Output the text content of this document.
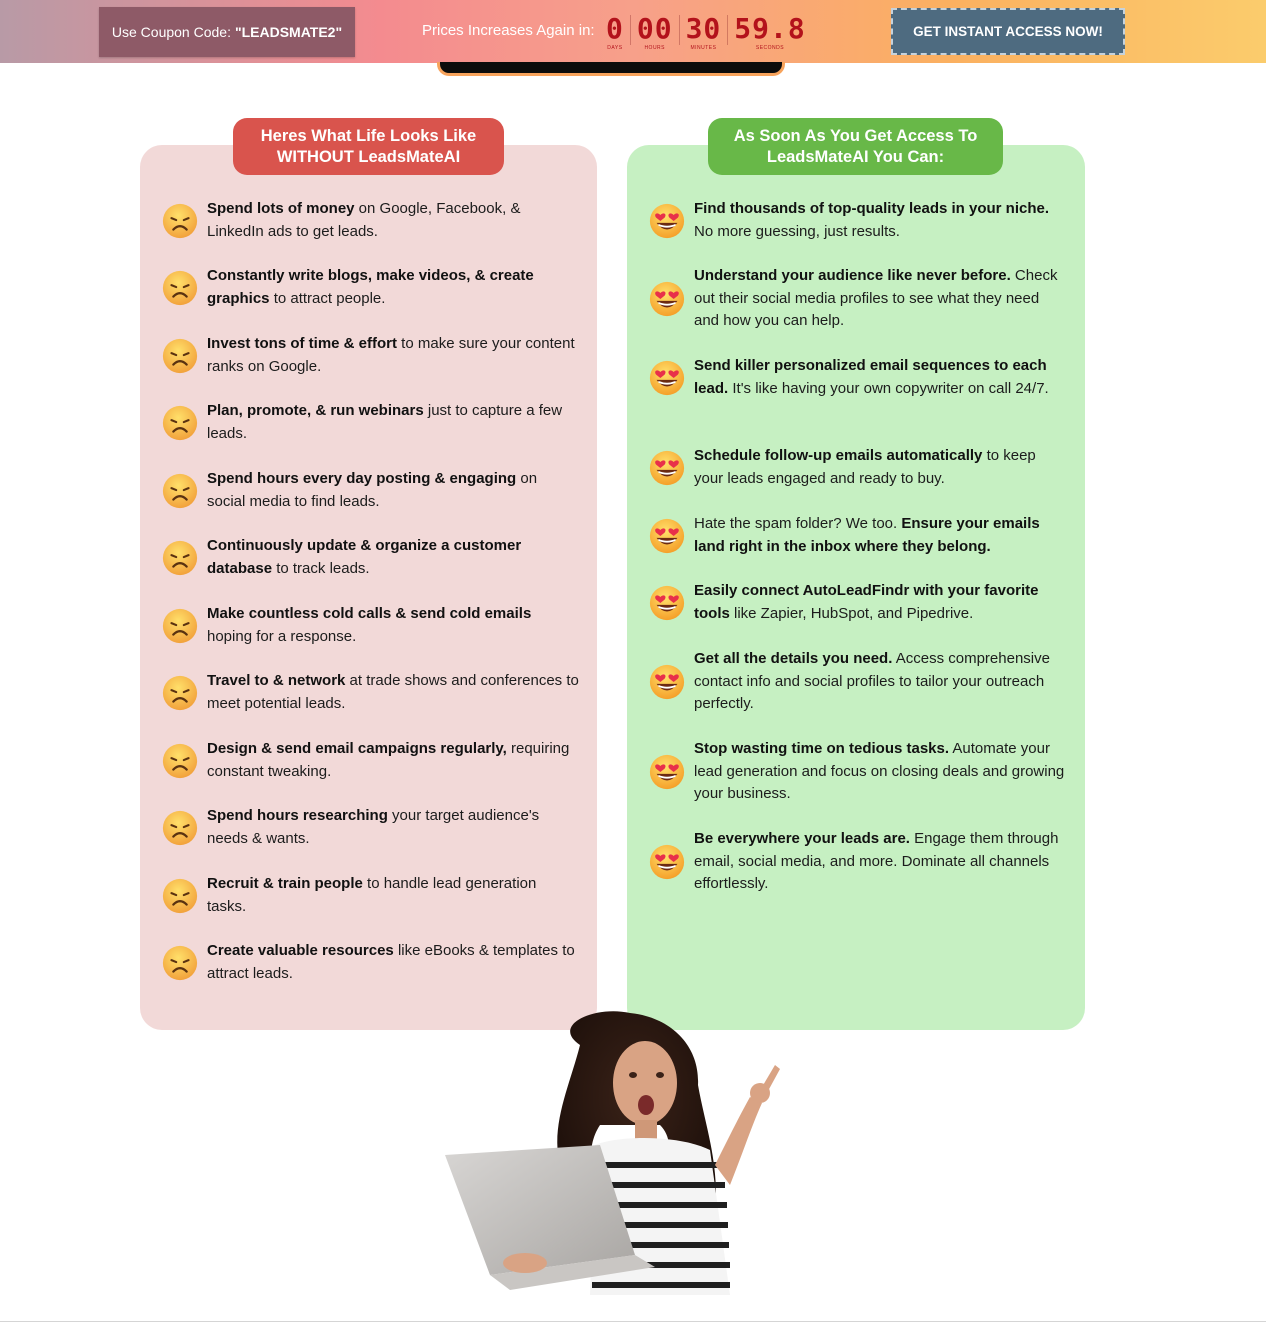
Use Coupon Code: "LEADSMATE2"	Prices Increases Again in: 0
DAYS
00
HOURS
30
MINUTES
59.8
SECONDS
GET INSTANT ACCESS NOW!
Heres What Life Looks Like
WITHOUT LeadsMateAI
As Soon As You Get Access To
LeadsMateAI You Can:
Spend lots of money on Google, Facebook, & LinkedIn ads to get leads.
Constantly write blogs, make videos, & create graphics to attract people.
Invest tons of time & effort to make sure your content ranks on Google.
Plan, promote, & run webinars just to capture a few leads.
Spend hours every day posting & engaging on social media to find leads.
Continuously update & organize a customer database to track leads.
Make countless cold calls & send cold emails hoping for a response.
Travel to & network at trade shows and conferences to meet potential leads.
Design & send email campaigns regularly, requiring constant tweaking.
Spend hours researching your target audience's needs & wants.
Recruit & train people to handle lead generation tasks.
Create valuable resources like eBooks & templates to attract leads.
Find thousands of top-quality leads in your niche. No more guessing, just results.
Understand your audience like never before. Check out their social media profiles to see what they need and how you can help.
Send killer personalized email sequences to each lead. It's like having your own copywriter on call 24/7.
Schedule follow-up emails automatically to keep your leads engaged and ready to buy.
Hate the spam folder? We too. Ensure your emails land right in the inbox where they belong.
Easily connect AutoLeadFindr with your favorite tools like Zapier, HubSpot, and Pipedrive.
Get all the details you need. Access comprehensive contact info and social profiles to tailor your outreach perfectly.
Stop wasting time on tedious tasks. Automate your lead generation and focus on closing deals and growing your business.
Be everywhere your leads are. Engage them through email, social media, and more. Dominate all channels effortlessly.
